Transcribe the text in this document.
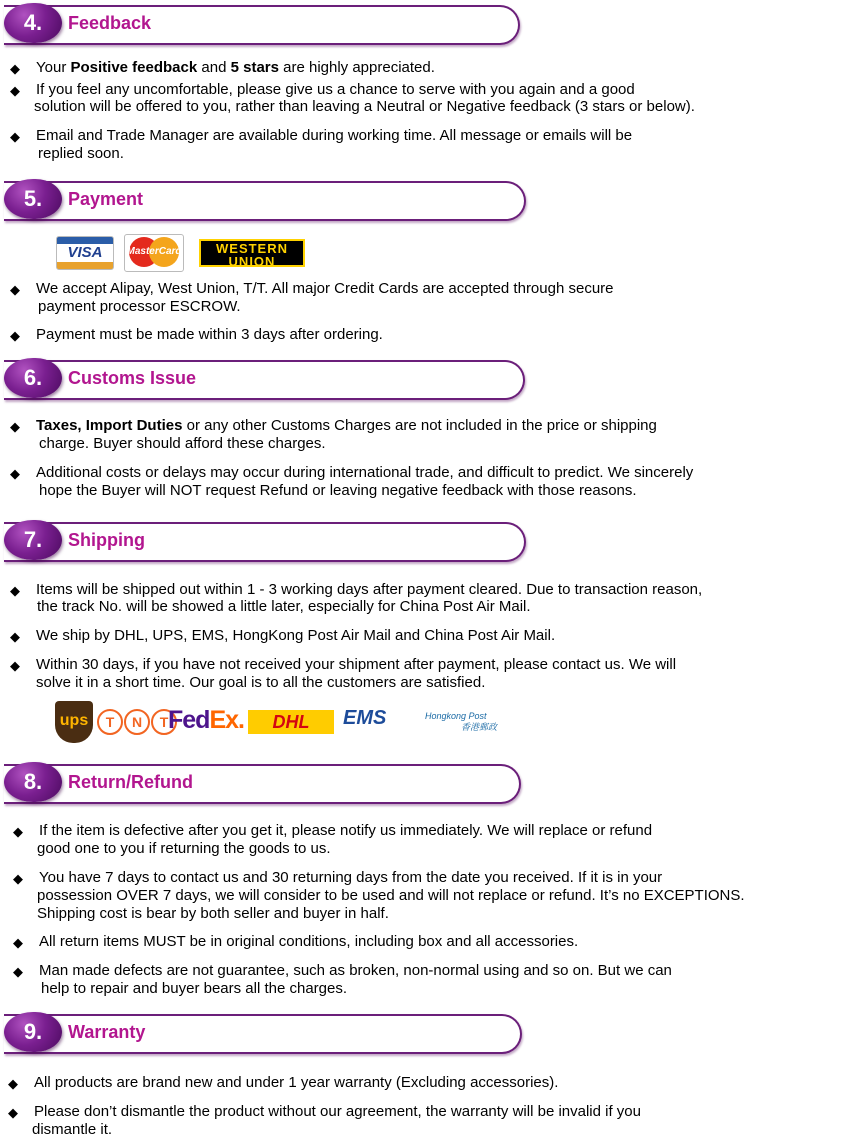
4.	Feedback
◆ Your Positive feedback and 5 stars are highly appreciated.
◆ If you feel any uncomfortable, please give us a chance to serve with you again and a good
solution will be offered to you, rather than leaving a Neutral or Negative feedback (3 stars or below).
◆ Email and Trade Manager are available during working time. All message or emails will be
replied soon.
5.	Payment
VISA	MasterCard	WESTERN
UNION
◆ We accept Alipay, West Union, T/T. All major Credit Cards are accepted through secure
payment processor ESCROW.
◆ Payment must be made within 3 days after ordering.
6.	Customs Issue
◆ Taxes, Import Duties or any other Customs Charges are not included in the price or shipping
charge. Buyer should afford these charges.
◆ Additional costs or delays may occur during international trade, and difficult to predict. We sincerely
hope the Buyer will NOT request Refund or leaving negative feedback with those reasons.
7.	Shipping
◆ Items will be shipped out within 1 - 3 working days after payment cleared. Due to transaction reason,
the track No. will be showed a little later, especially for China Post Air Mail.
◆ We ship by DHL, UPS, EMS, HongKong Post Air Mail and China Post Air Mail.
◆ Within 30 days, if you have not received your shipment after payment, please contact us. We will
solve it in a short time. Our goal is to all the customers are satisfied.
ups	T N T FedEx.	DHL	EMS	Hongkong Post
香港郵政
8.	Return/Refund
◆ If the item is defective after you get it, please notify us immediately. We will replace or refund
good one to you if returning the goods to us.
◆ You have 7 days to contact us and 30 returning days from the date you received. If it is in your
possession OVER 7 days, we will consider to be used and will not replace or refund. It’s no EXCEPTIONS.
Shipping cost is bear by both seller and buyer in half.
◆ All return items MUST be in original conditions, including box and all accessories.
◆ Man made defects are not guarantee, such as broken, non-normal using and so on. But we can
help to repair and buyer bears all the charges.
9.	Warranty
◆ All products are brand new and under 1 year warranty (Excluding accessories).
◆ Please don’t dismantle the product without our agreement, the warranty will be invalid if you
dismantle it.
